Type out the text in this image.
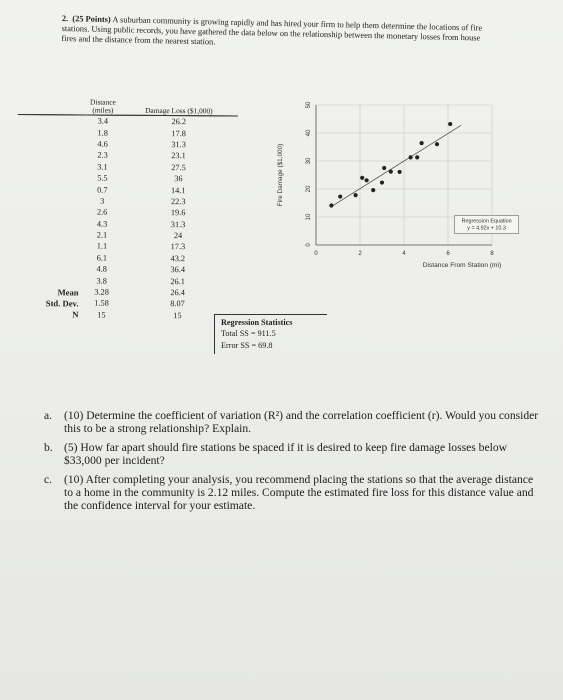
2. (25 Points) A suburban community is growing rapidly and has hired your firm to help them determine the locations of fire stations. Using public records, you have gathered the data below on the relationship between the monetary losses from house fires and the distance from the nearest station.
	Distance (miles)	Damage Loss ($1,000)
	3.4	26.2
	1.8	17.8
	4.6	31.3
	2.3	23.1
	3.1	27.5
	5.5	36
	0.7	14.1
	3	22.3
	2.6	19.6
	4.3	31.3
	2.1	24
	1.1	17.3
	6.1	43.2
	4.8	36.4
	3.8	26.1
Mean	3.28	26.4
Std. Dev.	1.58	8.07
N	15	15
Regression Statistics
Total SS = 911.5
Error SS = 69.8
0	2	4	6	8
0
10
20
30
40
50
Distance From Station (mi)
Fire Damage ($1,000)
Regression Equation
y = 4.92x + 10.3
a. (10) Determine the coefficient of variation (R²) and the correlation coefficient (r). Would you consider this to be a strong relationship? Explain.
b. (5) How far apart should fire stations be spaced if it is desired to keep fire damage losses below $33,000 per incident?
c. (10) After completing your analysis, you recommend placing the stations so that the average distance to a home in the community is 2.12 miles. Compute the estimated fire loss for this distance value and the confidence interval for your estimate.
